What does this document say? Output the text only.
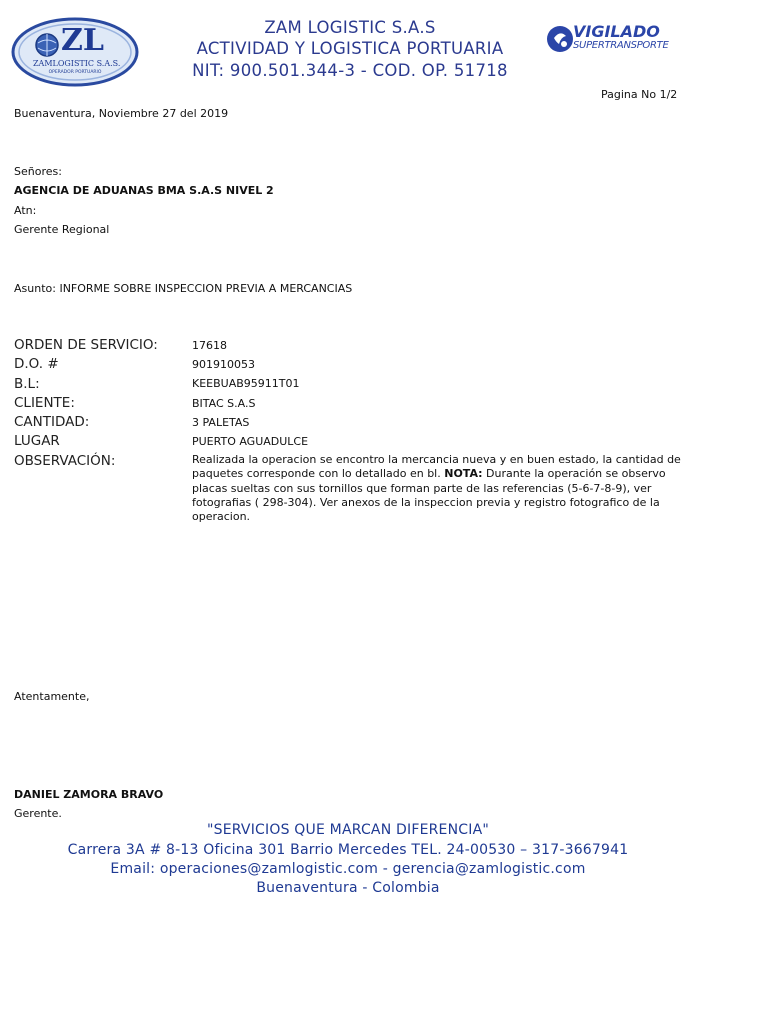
ZL
ZAMLOGISTIC S.A.S.
OPERADOR PORTUARIO
ZAM LOGISTIC S.A.S
ACTIVIDAD Y LOGISTICA PORTUARIA
NIT: 900.501.344-3 - COD. OP. 51718
VIGILADO
SUPERTRANSPORTE
Pagina No 1/2
Buenaventura, Noviembre 27 del 2019
Señores:
AGENCIA DE ADUANAS BMA S.A.S NIVEL 2
Atn:
Gerente Regional
Asunto: INFORME SOBRE INSPECCION PREVIA A MERCANCIAS
ORDEN DE SERVICIO:	17618
D.O. #	901910053
B.L:	KEEBUAB95911T01
CLIENTE:	BITAC S.A.S
CANTIDAD:	3 PALETAS
LUGAR	PUERTO AGUADULCE
OBSERVACIÓN:	Realizada la operacion se encontro la mercancia nueva y en buen estado, la cantidad de paquetes corresponde con lo detallado en bl. NOTA: Durante la operación se observo placas sueltas con sus tornillos que forman parte de las referencias (5-6-7-8-9), ver fotografias ( 298-304). Ver anexos de la inspeccion previa y registro fotografico de la operacion.
Atentamente,
DANIEL ZAMORA BRAVO
Gerente.
"SERVICIOS QUE MARCAN DIFERENCIA"
Carrera 3A # 8-13 Oficina 301 Barrio Mercedes TEL. 24-00530 – 317-3667941
Email: operaciones@zamlogistic.com - gerencia@zamlogistic.com
Buenaventura - Colombia
